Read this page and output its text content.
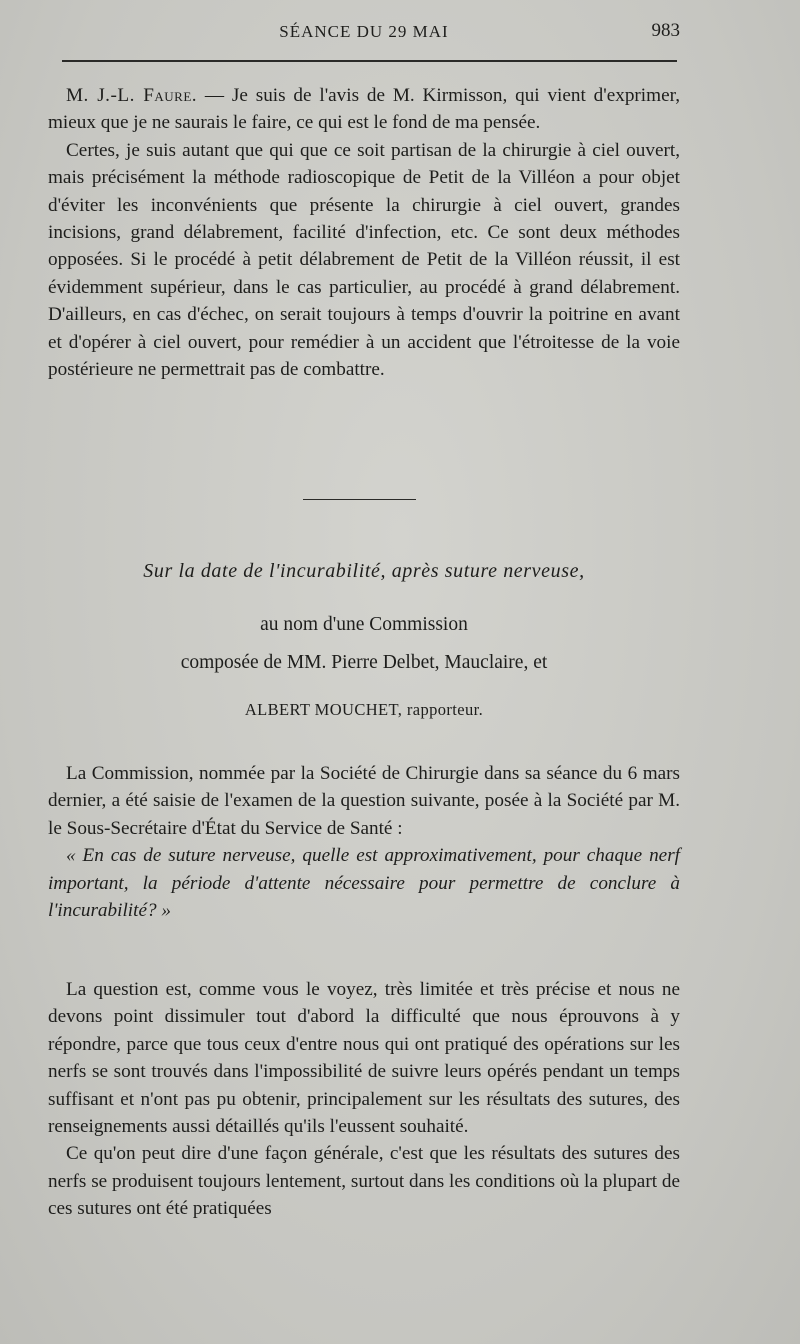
SÉANCE DU 29 MAI	983

M. J.-L. Faure. — Je suis de l'avis de M. Kirmisson, qui vient d'exprimer, mieux que je ne saurais le faire, ce qui est le fond de ma pensée.

Certes, je suis autant que qui que ce soit partisan de la chirurgie à ciel ouvert, mais précisément la méthode radioscopique de Petit de la Villéon a pour objet d'éviter les inconvénients que présente la chirurgie à ciel ouvert, grandes incisions, grand délabrement, facilité d'infection, etc. Ce sont deux méthodes opposées. Si le procédé à petit délabrement de Petit de la Villéon réussit, il est évidemment supérieur, dans le cas particulier, au procédé à grand délabrement. D'ailleurs, en cas d'échec, on serait toujours à temps d'ouvrir la poitrine en avant et d'opérer à ciel ouvert, pour remédier à un accident que l'étroitesse de la voie postérieure ne permettrait pas de combattre.

Sur la date de l'incurabilité, après suture nerveuse,
au nom d'une Commission
composée de MM. Pierre Delbet, Mauclaire, et
ALBERT MOUCHET, rapporteur.

La Commission, nommée par la Société de Chirurgie dans sa séance du 6 mars dernier, a été saisie de l'examen de la question suivante, posée à la Société par M. le Sous-Secrétaire d'État du Service de Santé :

« En cas de suture nerveuse, quelle est approximativement, pour chaque nerf important, la période d'attente nécessaire pour permettre de conclure à l'incurabilité? »

La question est, comme vous le voyez, très limitée et très précise et nous ne devons point dissimuler tout d'abord la difficulté que nous éprouvons à y répondre, parce que tous ceux d'entre nous qui ont pratiqué des opérations sur les nerfs se sont trouvés dans l'impossibilité de suivre leurs opérés pendant un temps suffisant et n'ont pas pu obtenir, principalement sur les résultats des sutures, des renseignements aussi détaillés qu'ils l'eussent souhaité.

Ce qu'on peut dire d'une façon générale, c'est que les résultats des sutures des nerfs se produisent toujours lentement, surtout dans les conditions où la plupart de ces sutures ont été pratiquées
